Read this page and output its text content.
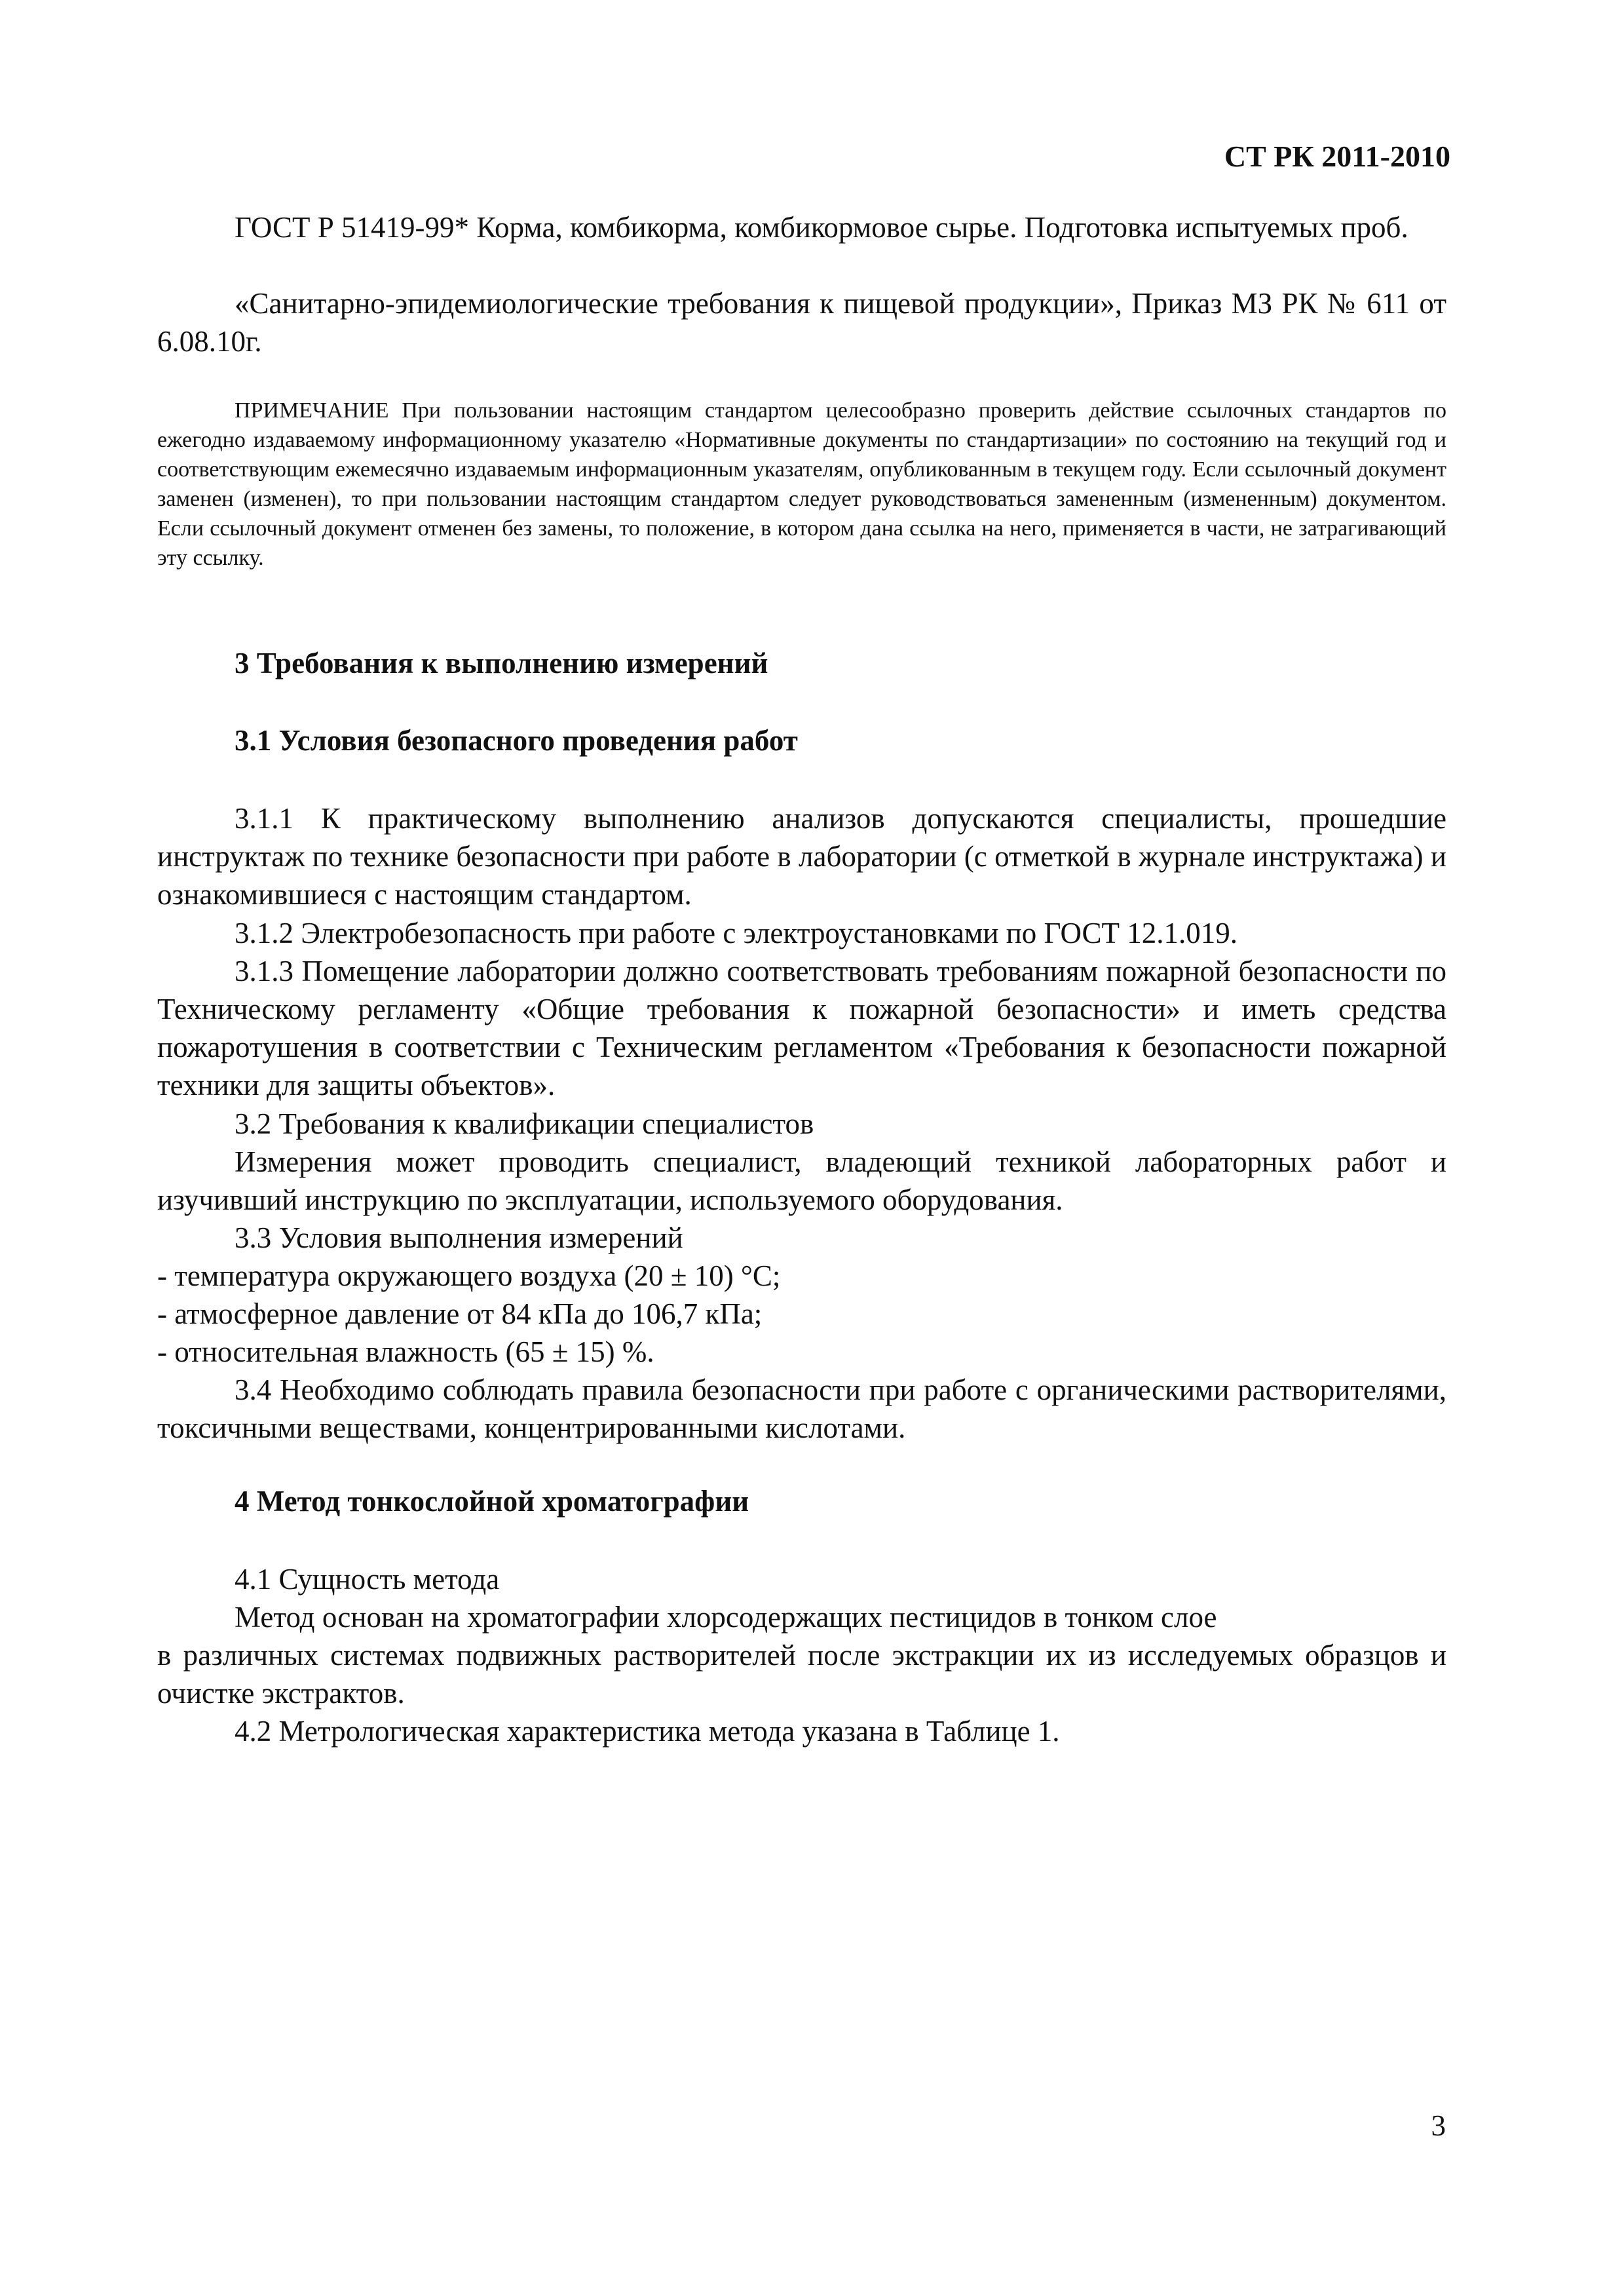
СТ РК 2011-2010

ГОСТ Р 51419-99* Корма, комбикорма, комбикормовое сырье. Подготовка испытуемых проб.

«Санитарно-эпидемиологические требования к пищевой продукции», Приказ МЗ РК № 611 от 6.08.10г.

ПРИМЕЧАНИЕ При пользовании настоящим стандартом целесообразно проверить действие ссылочных стандартов по ежегодно издаваемому информационному указателю «Нормативные документы по стандартизации» по состоянию на текущий год и соответствующим ежемесячно издаваемым информационным указателям, опубликованным в текущем году. Если ссылочный документ заменен (изменен), то при пользовании настоящим стандартом следует руководствоваться замененным (измененным) документом. Если ссылочный документ отменен без замены, то положение, в котором дана ссылка на него, применяется в части, не затрагивающий эту ссылку.

3 Требования к выполнению измерений
3.1 Условия безопасного проведения работ

3.1.1 К практическому выполнению анализов допускаются специалисты, прошедшие инструктаж по технике безопасности при работе в лаборатории (с отметкой в журнале инструктажа) и ознакомившиеся с настоящим стандартом.

3.1.2 Электробезопасность при работе с электроустановками по ГОСТ 12.1.019.

3.1.3 Помещение лаборатории должно соответствовать требованиям пожарной безопасности по Техническому регламенту «Общие требования к пожарной безопасности» и иметь средства пожаротушения в соответствии с Техническим регламентом «Требования к безопасности пожарной техники для защиты объектов».

3.2 Требования к квалификации специалистов

Измерения может проводить специалист, владеющий техникой лабораторных работ и изучивший инструкцию по эксплуатации, используемого оборудования.

3.3 Условия выполнения измерений

- температура окружающего воздуха (20 ± 10) °С;

- атмосферное давление от 84 кПа до 106,7 кПа;

- относительная влажность (65 ± 15) %.

3.4 Необходимо соблюдать правила безопасности при работе с органическими растворителями, токсичными веществами, концентрированными кислотами.

4 Метод тонкослойной хроматографии

4.1 Сущность метода

Метод основан на хроматографии хлорсодержащих пестицидов в тонком слое

в различных системах подвижных растворителей после экстракции их из исследуемых образцов и очистке экстрактов.

4.2 Метрологическая характеристика метода указана в Таблице 1.

3
